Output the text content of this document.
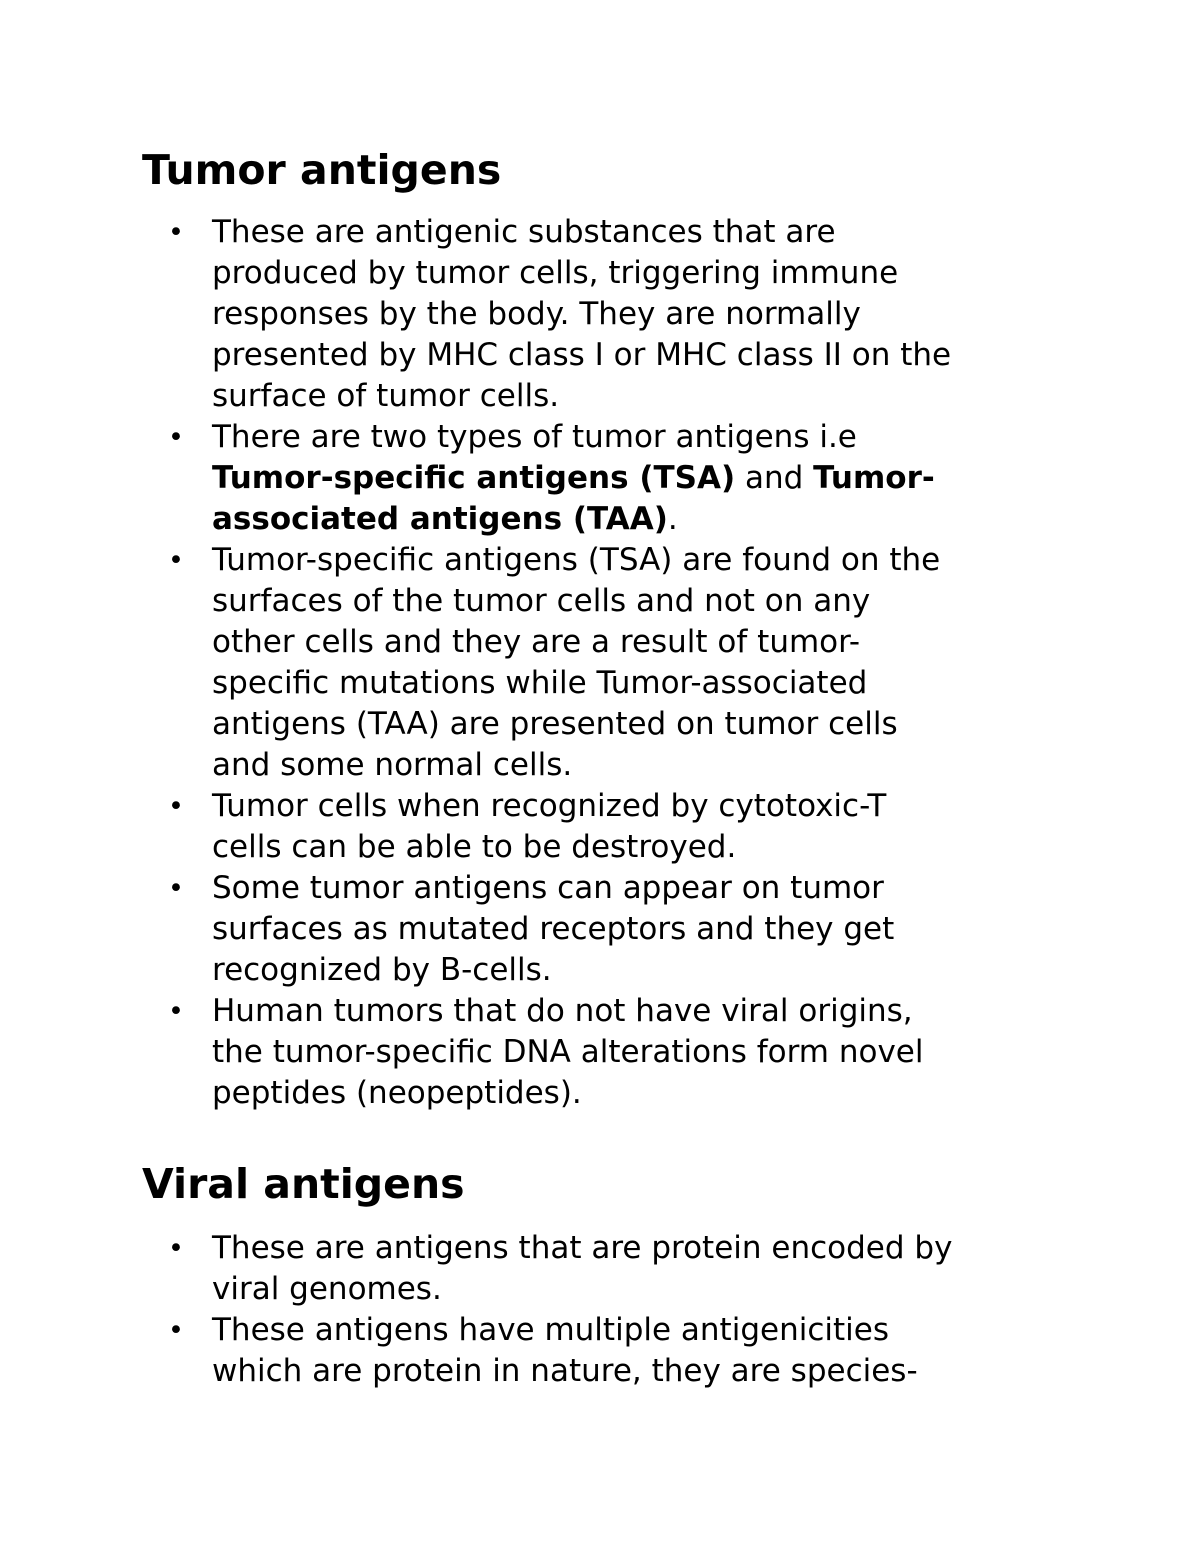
Tumor antigens
• These are antigenic substances that are
produced by tumor cells, triggering immune
responses by the body. They are normally
presented by MHC class I or MHC class II on the
surface of tumor cells.
• There are two types of tumor antigens i.e
Tumor-specific antigens (TSA) and Tumor-
associated antigens (TAA).
• Tumor-specific antigens (TSA) are found on the
surfaces of the tumor cells and not on any
other cells and they are a result of tumor-
specific mutations while Tumor-associated
antigens (TAA) are presented on tumor cells
and some normal cells.
• Tumor cells when recognized by cytotoxic-T
cells can be able to be destroyed.
• Some tumor antigens can appear on tumor
surfaces as mutated receptors and they get
recognized by B-cells.
• Human tumors that do not have viral origins,
the tumor-specific DNA alterations form novel
peptides (neopeptides).
Viral antigens
• These are antigens that are protein encoded by
viral genomes.
• These antigens have multiple antigenicities
which are protein in nature, they are species-
